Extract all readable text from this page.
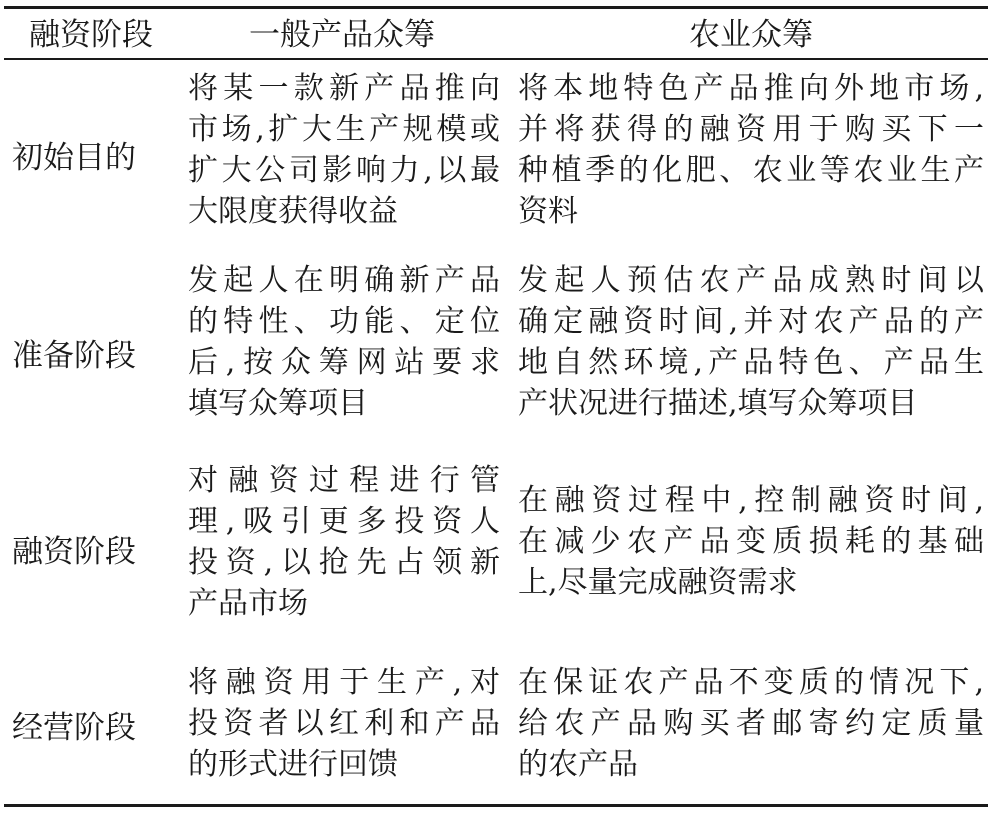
融资阶段	一般产品众筹	农业众筹
初始目的
将某一款新产品推向
市场,扩大生产规模或
扩大公司影响力,以最
大限度获得收益
将本地特色产品推向外地市场,
并将获得的融资用于购买下一
种植季的化肥、农业等农业生产
资料
准备阶段
发起人在明确新产品
的特性、功能、定位
后,按众筹网站要求
填写众筹项目
发起人预估农产品成熟时间以
确定融资时间,并对农产品的产
地自然环境,产品特色、产品生
产状况进行描述,填写众筹项目
融资阶段
对融资过程进行管
理,吸引更多投资人
投资,以抢先占领新
产品市场
在融资过程中,控制融资时间,
在减少农产品变质损耗的基础
上,尽量完成融资需求
经营阶段
将融资用于生产,对
投资者以红利和产品
的形式进行回馈
在保证农产品不变质的情况下,
给农产品购买者邮寄约定质量
的农产品
